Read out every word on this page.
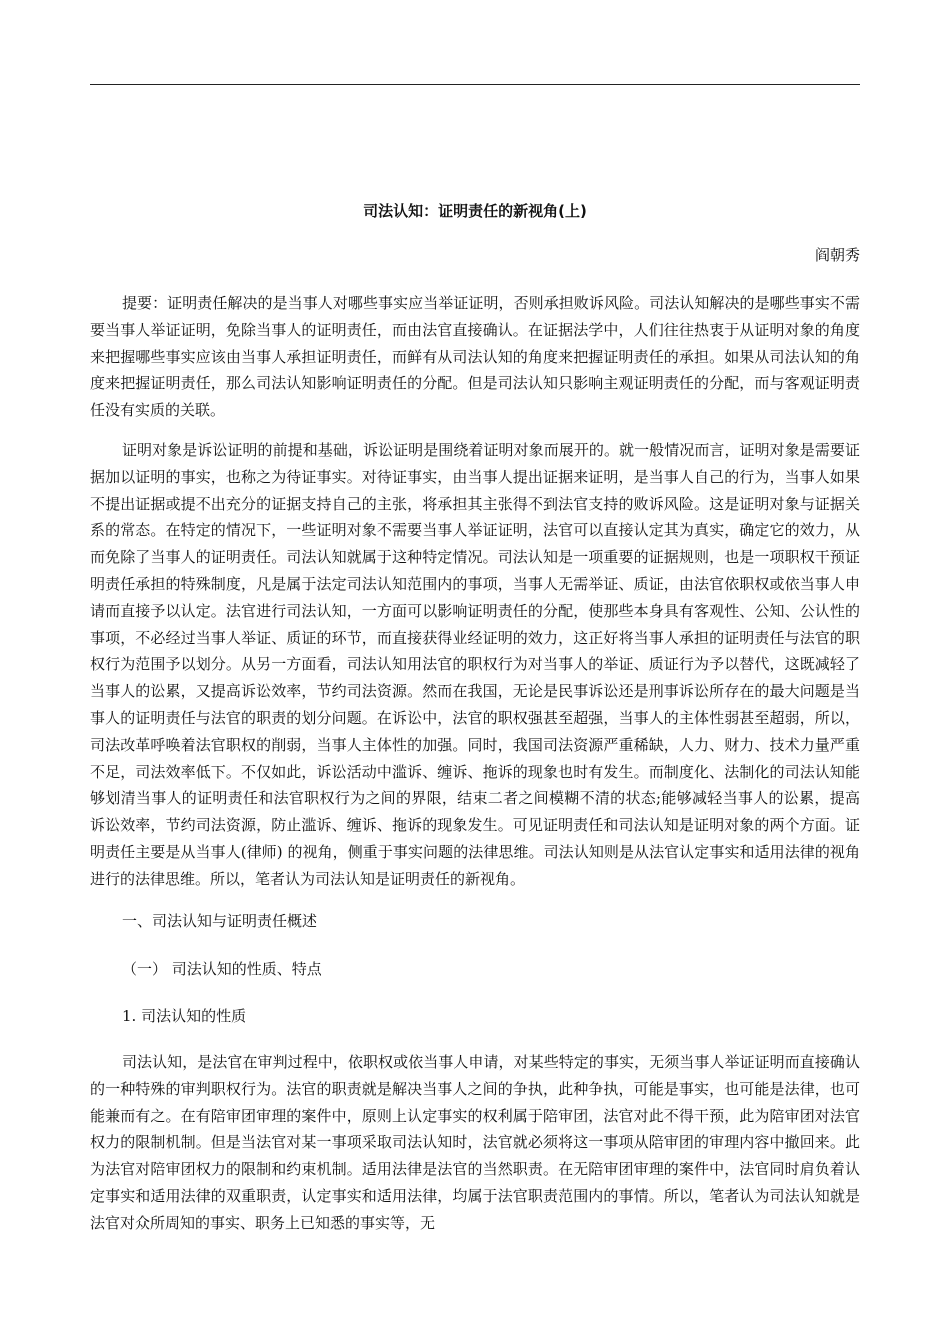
司法认知：证明责任的新视角(上)
阎朝秀

提要：证明责任解决的是当事人对哪些事实应当举证证明，否则承担败诉风险。司法认知解决的是哪些事实不需要当事人举证证明，免除当事人的证明责任，而由法官直接确认。在证据法学中，人们往往热衷于从证明对象的角度来把握哪些事实应该由当事人承担证明责任，而鲜有从司法认知的角度来把握证明责任的承担。如果从司法认知的角度来把握证明责任，那么司法认知影响证明责任的分配。但是司法认知只影响主观证明责任的分配，而与客观证明责任没有实质的关联。

证明对象是诉讼证明的前提和基础，诉讼证明是围绕着证明对象而展开的。就一般情况而言，证明对象是需要证据加以证明的事实，也称之为待证事实。对待证事实，由当事人提出证据来证明，是当事人自己的行为，当事人如果不提出证据或提不出充分的证据支持自己的主张，将承担其主张得不到法官支持的败诉风险。这是证明对象与证据关系的常态。在特定的情况下，一些证明对象不需要当事人举证证明，法官可以直接认定其为真实，确定它的效力，从而免除了当事人的证明责任。司法认知就属于这种特定情况。司法认知是一项重要的证据规则，也是一项职权干预证明责任承担的特殊制度，凡是属于法定司法认知范围内的事项，当事人无需举证、质证，由法官依职权或依当事人申请而直接予以认定。法官进行司法认知，一方面可以影响证明责任的分配，使那些本身具有客观性、公知、公认性的事项，不必经过当事人举证、质证的环节，而直接获得业经证明的效力，这正好将当事人承担的证明责任与法官的职权行为范围予以划分。从另一方面看，司法认知用法官的职权行为对当事人的举证、质证行为予以替代，这既减轻了当事人的讼累，又提高诉讼效率，节约司法资源。然而在我国，无论是民事诉讼还是刑事诉讼所存在的最大问题是当事人的证明责任与法官的职责的划分问题。在诉讼中，法官的职权强甚至超强，当事人的主体性弱甚至超弱，所以，司法改革呼唤着法官职权的削弱，当事人主体性的加强。同时，我国司法资源严重稀缺，人力、财力、技术力量严重不足，司法效率低下。不仅如此，诉讼活动中滥诉、缠诉、拖诉的现象也时有发生。而制度化、法制化的司法认知能够划清当事人的证明责任和法官职权行为之间的界限，结束二者之间模糊不清的状态;能够减轻当事人的讼累，提高诉讼效率，节约司法资源，防止滥诉、缠诉、拖诉的现象发生。可见证明责任和司法认知是证明对象的两个方面。证明责任主要是从当事人(律师) 的视角，侧重于事实问题的法律思维。司法认知则是从法官认定事实和适用法律的视角进行的法律思维。所以，笔者认为司法认知是证明责任的新视角。

一、司法认知与证明责任概述

（一） 司法认知的性质、特点

1. 司法认知的性质

司法认知，是法官在审判过程中，依职权或依当事人申请，对某些特定的事实，无须当事人举证证明而直接确认的一种特殊的审判职权行为。法官的职责就是解决当事人之间的争执，此种争执，可能是事实，也可能是法律，也可能兼而有之。在有陪审团审理的案件中，原则上认定事实的权利属于陪审团，法官对此不得干预，此为陪审团对法官权力的限制机制。但是当法官对某一事项采取司法认知时，法官就必须将这一事项从陪审团的审理内容中撤回来。此为法官对陪审团权力的限制和约束机制。适用法律是法官的当然职责。在无陪审团审理的案件中，法官同时肩负着认定事实和适用法律的双重职责，认定事实和适用法律，均属于法官职责范围内的事情。所以，笔者认为司法认知就是法官对众所周知的事实、职务上已知悉的事实等，无
